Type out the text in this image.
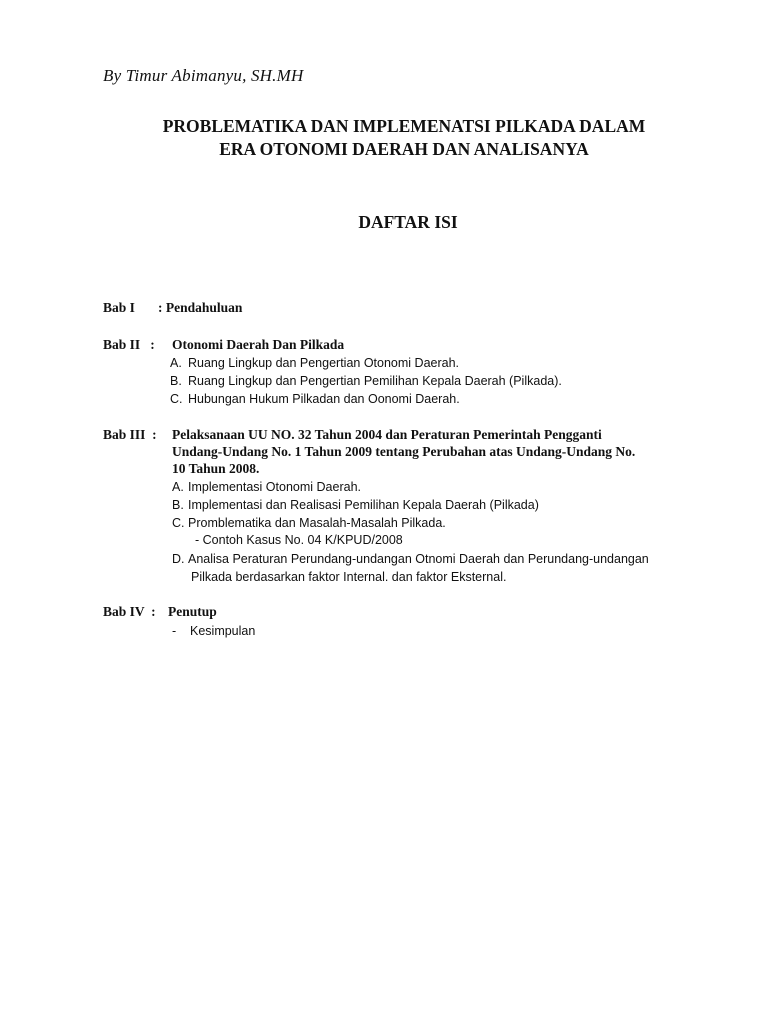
By Timur Abimanyu, SH.MH
PROBLEMATIKA DAN IMPLEMENATSI PILKADA DALAM
ERA OTONOMI DAERAH DAN ANALISANYA
DAFTAR ISI
Bab I : Pendahuluan
Bab II   : Otonomi Daerah Dan Pilkada
A. Ruang Lingkup dan Pengertian Otonomi Daerah.
B. Ruang Lingkup dan Pengertian Pemilihan Kepala Daerah (Pilkada).
C. Hubungan Hukum Pilkadan dan Oonomi Daerah.
Bab III  : Pelaksanaan UU NO. 32 Tahun 2004 dan Peraturan Pemerintah Pengganti
Undang-Undang No. 1 Tahun 2009 tentang Perubahan atas Undang-Undang No.
10 Tahun 2008.
A. Implementasi Otonomi Daerah.
B. Implementasi dan Realisasi Pemilihan Kepala Daerah (Pilkada)
C. Promblematika dan Masalah-Masalah Pilkada.
- Contoh Kasus No. 04 K/KPUD/2008
D. Analisa Peraturan Perundang-undangan Otnomi Daerah dan Perundang-undangan
Pilkada berdasarkan faktor Internal. dan faktor Eksternal.
Bab IV  : Penutup
- Kesimpulan
